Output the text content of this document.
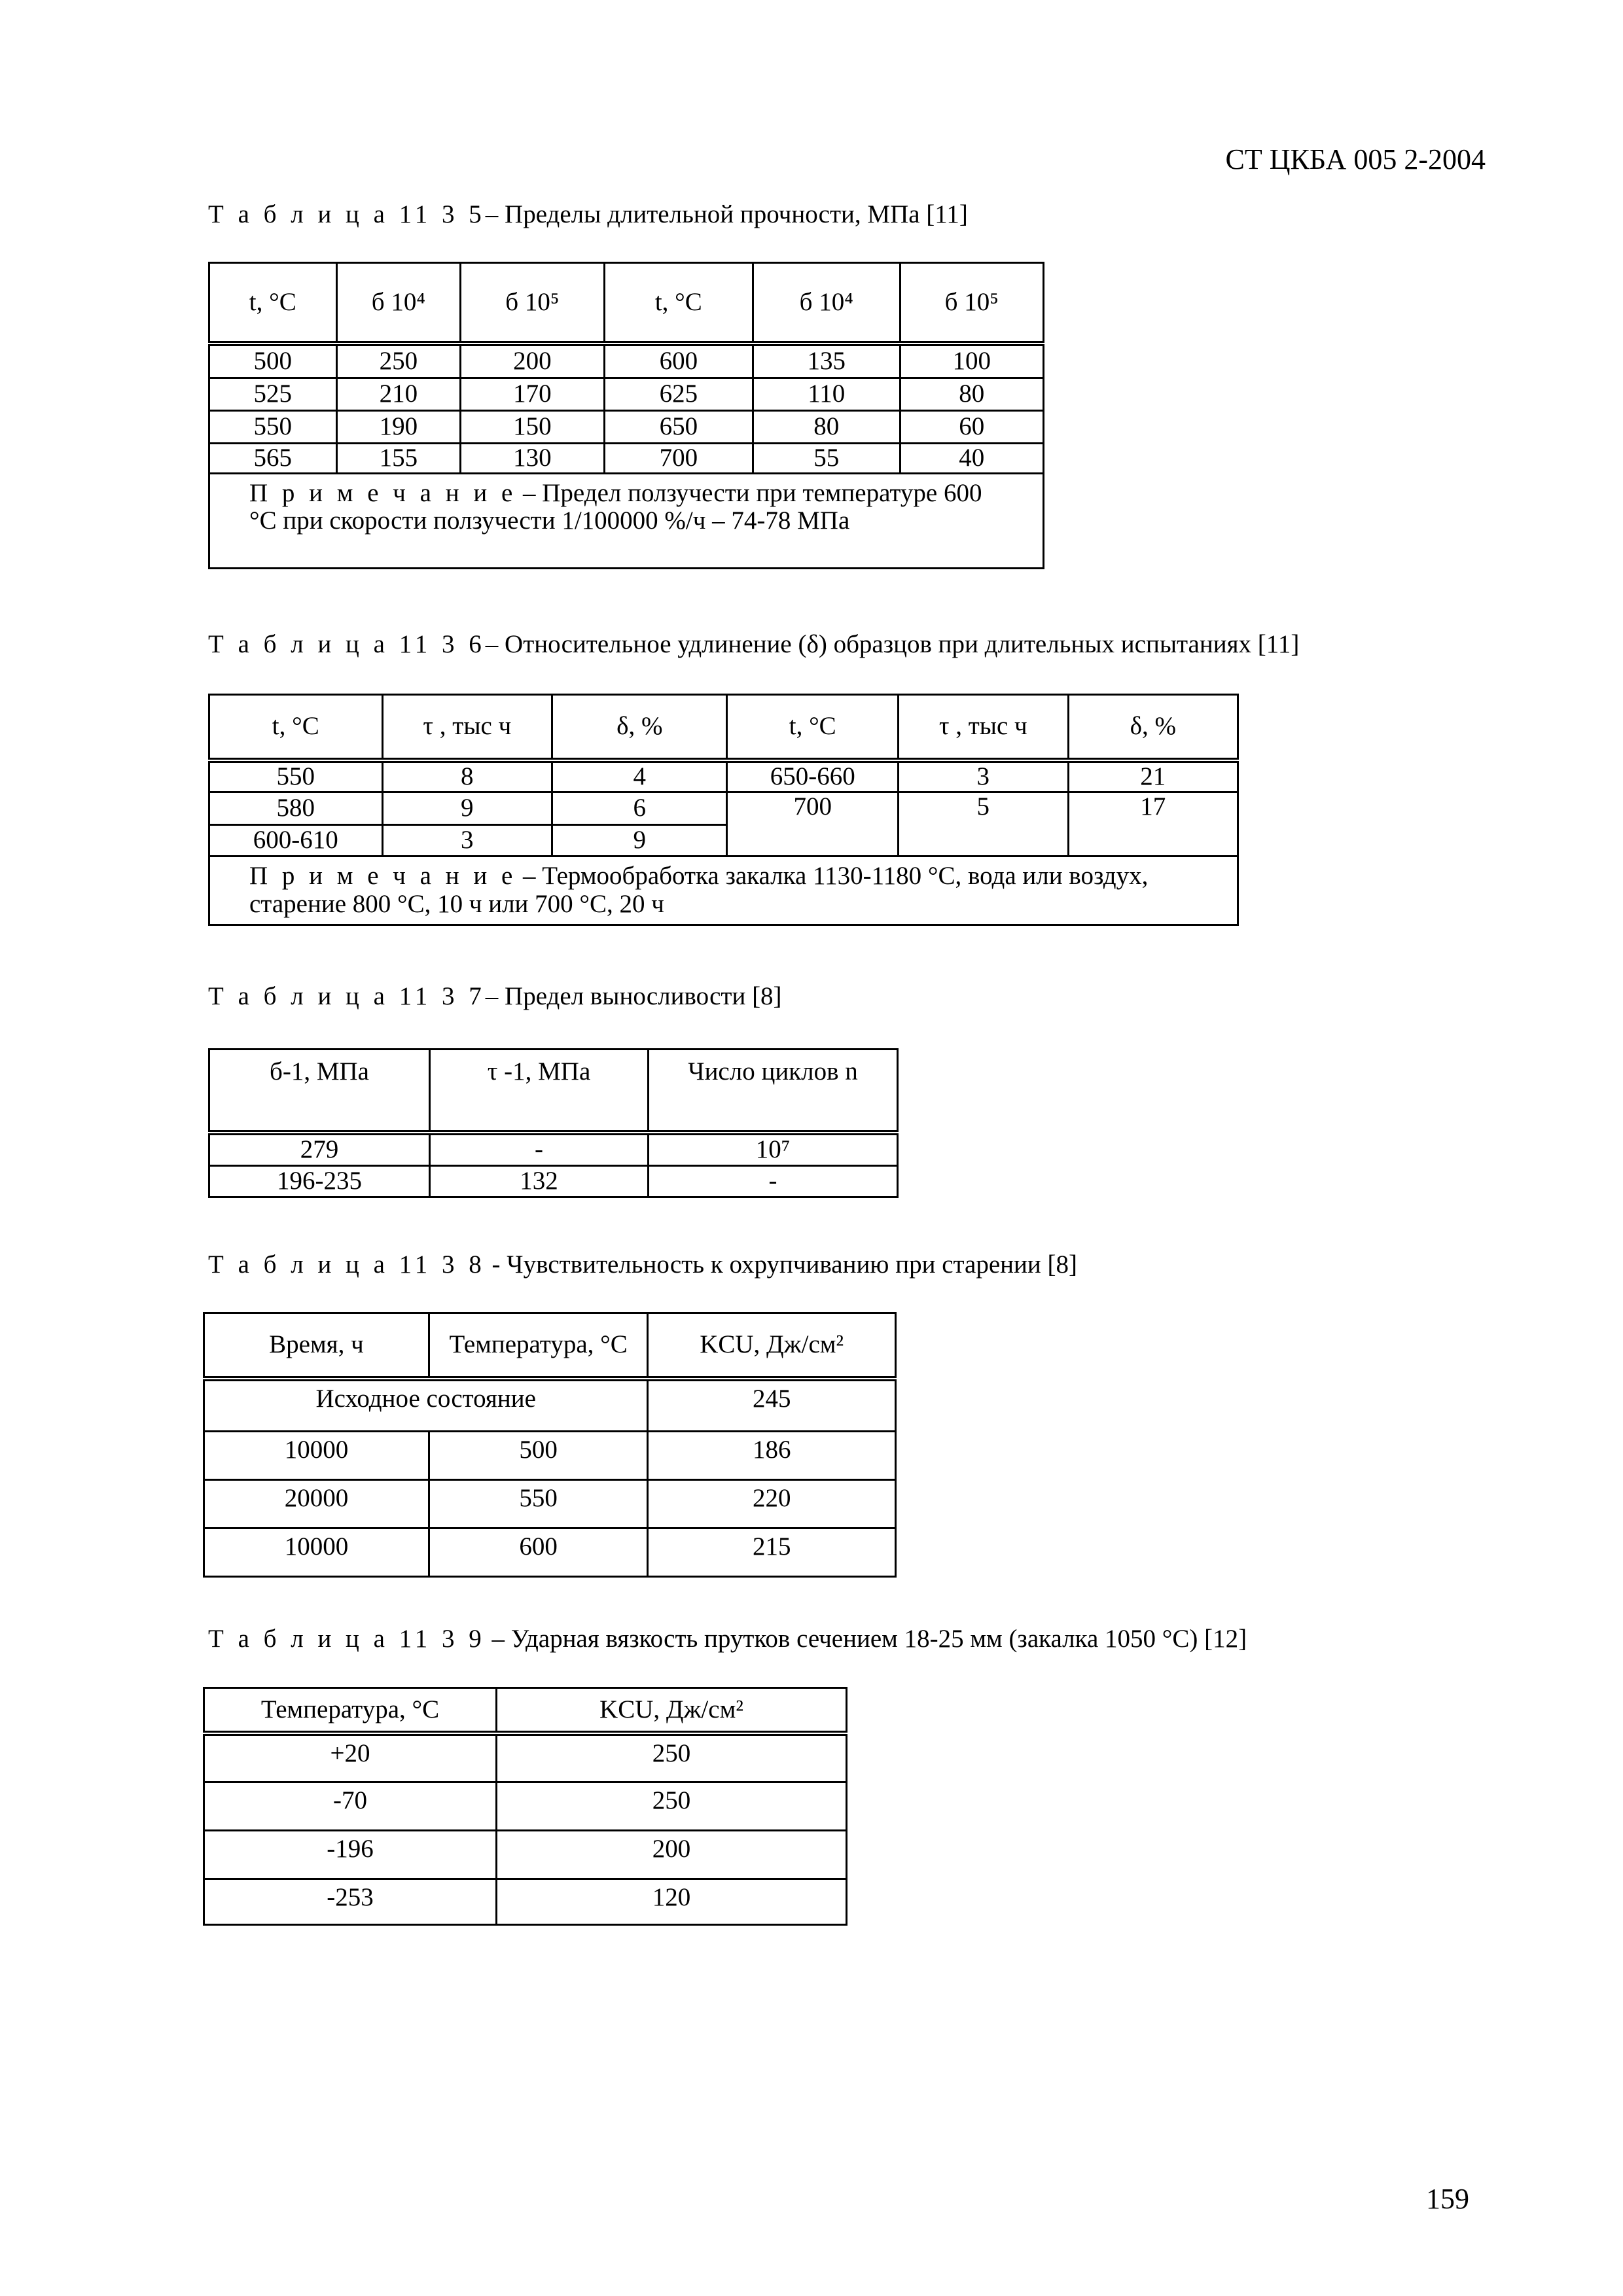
СТ ЦКБА 005 2-2004
Т а б л и ц а 11 3 5– Пределы длительной прочности, МПа [11]
t, °C	б 10⁴	б 10⁵	t, °C	б 10⁴	б 10⁵
500	250	200	600	135	100
525	210	170	625	110	80
550	190	150	650	80	60
565	155	130	700	55	40
П р и м е ч а н и е – Предел ползучести при температуре 600 °С при скорости ползучести 1/100000 %/ч – 74-78 МПа					
Т а б л и ц а 11 3 6– Относительное удлинение (δ) образцов при длительных испытаниях [11]
t, °C	τ , тыс ч	δ, %	t, °C	τ , тыс ч	δ, %
550	8	4	650-660	3	21
580	9	6	700	5	17
600-610	3	9			
П р и м е ч а н и е – Термообработка закалка 1130-1180 °С, вода или воздух, старение 800 °С, 10 ч или 700 °С, 20 ч					
Т а б л и ц а 11 3 7– Предел выносливости [8]
б-1, МПа	τ -1, МПа	Число циклов n
279	-	10⁷
196-235	132	-
Т а б л и ц а 11 3 8 - Чувствительность к охрупчиванию при старении [8]
Время, ч	Температура, °С	KCU, Дж/см²
Исходное состояние		245
10000	500	186
20000	550	220
10000	600	215
Т а б л и ц а 11 3 9 – Ударная вязкость прутков сечением 18-25 мм (закалка 1050 °С) [12]
Температура, °С	KCU, Дж/см²
+20	250
-70	250
-196	200
-253	120
159
